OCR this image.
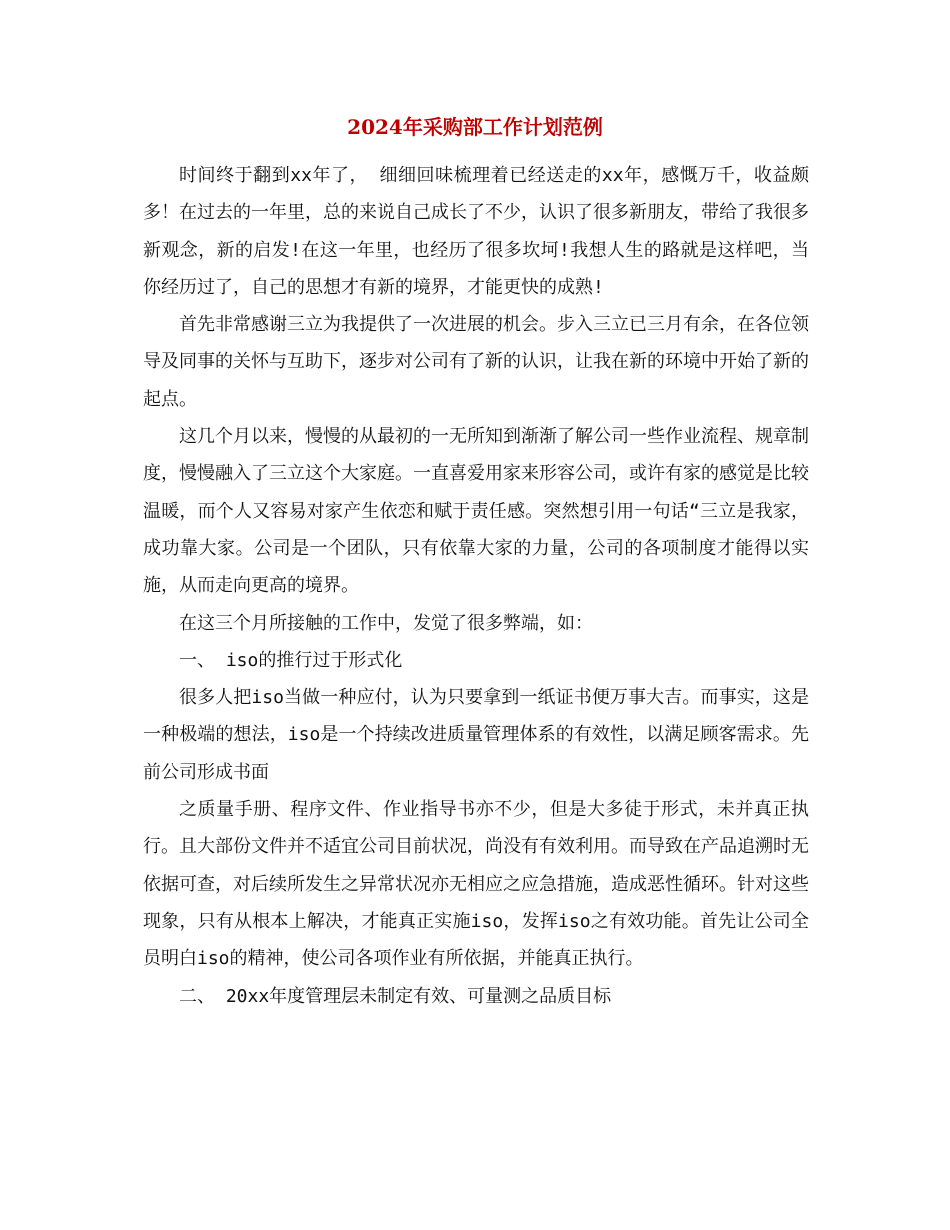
2024年采购部工作计划范例

时间终于翻到xx年了， 细细回味梳理着已经送走的xx年，感慨万千，收益颇多！在过去的一年里，总的来说自己成长了不少，认识了很多新朋友，带给了我很多新观念，新的启发!在这一年里，也经历了很多坎坷!我想人生的路就是这样吧，当你经历过了，自己的思想才有新的境界，才能更快的成熟!

首先非常感谢三立为我提供了一次进展的机会。步入三立已三月有余，在各位领导及同事的关怀与互助下，逐步对公司有了新的认识，让我在新的环境中开始了新的起点。

这几个月以来，慢慢的从最初的一无所知到渐渐了解公司一些作业流程、规章制度，慢慢融入了三立这个大家庭。一直喜爱用家来形容公司，或许有家的感觉是比较温暖，而个人又容易对家产生依恋和赋于责任感。突然想引用一句话“三立是我家，成功靠大家。公司是一个团队，只有依靠大家的力量，公司的各项制度才能得以实施，从而走向更高的境界。

在这三个月所接触的工作中，发觉了很多弊端，如：

一、 iso的推行过于形式化

很多人把iso当做一种应付，认为只要拿到一纸证书便万事大吉。而事实，这是一种极端的想法，iso是一个持续改进质量管理体系的有效性，以满足顾客需求。先前公司形成书面

之质量手册、程序文件、作业指导书亦不少，但是大多徒于形式，未并真正执行。且大部份文件并不适宜公司目前状况，尚没有有效利用。而导致在产品追溯时无依据可查，对后续所发生之异常状况亦无相应之应急措施，造成恶性循环。针对这些现象，只有从根本上解决，才能真正实施iso，发挥iso之有效功能。首先让公司全员明白iso的精神，使公司各项作业有所依据，并能真正执行。

二、 20xx年度管理层未制定有效、可量测之品质目标
